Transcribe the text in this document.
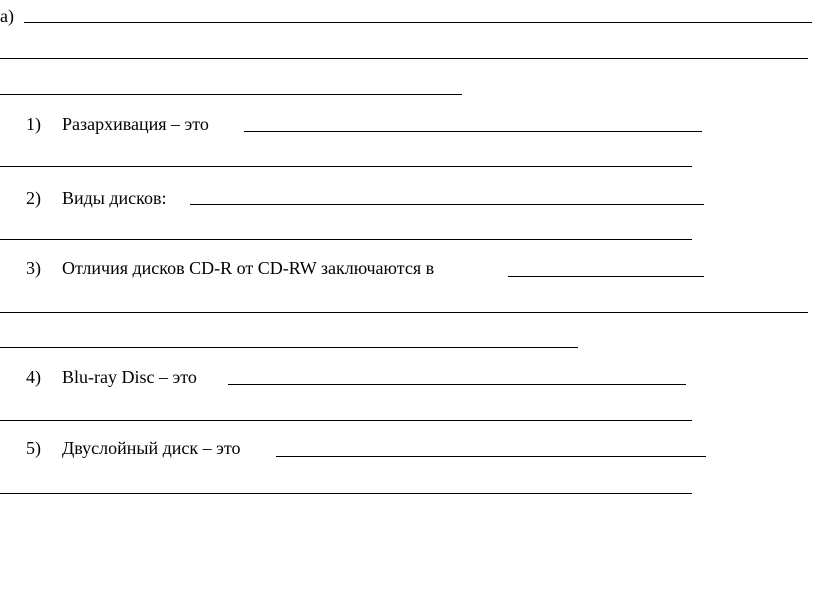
а)
1) Разархивация – это
2) Виды дисков:
3) Отличия дисков CD-R от CD-RW заключаются в
4) Blu-ray Disc – это
5) Двуслойный диск – это
